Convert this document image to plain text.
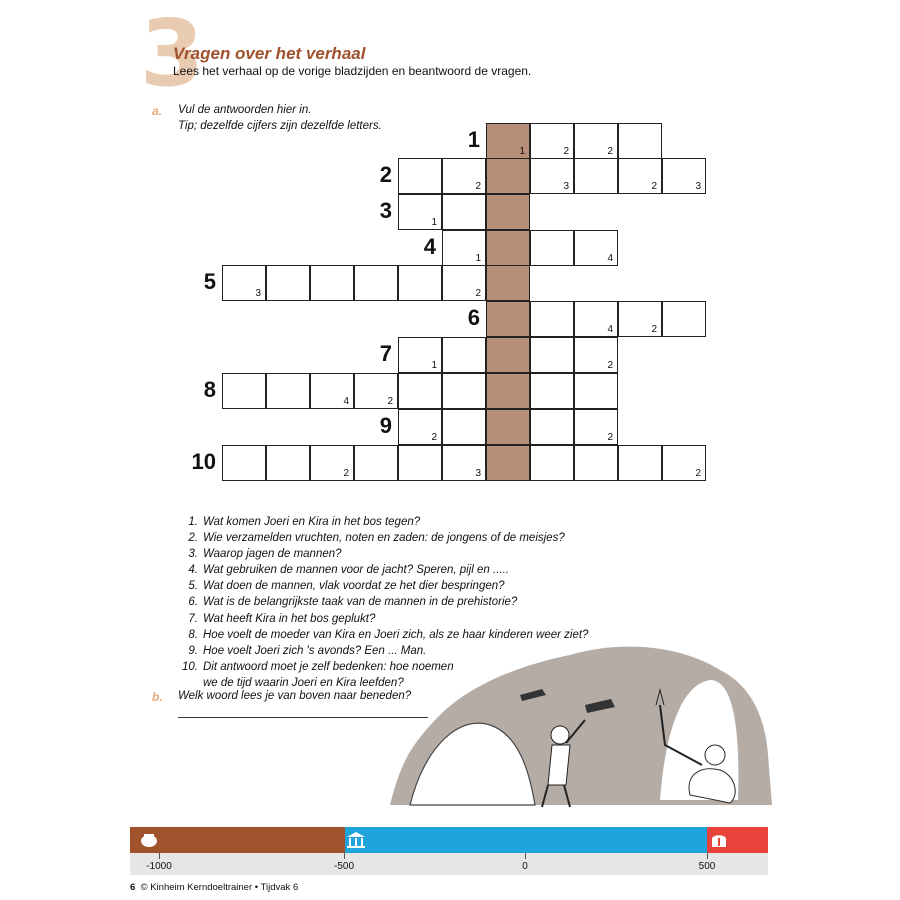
3
Vragen over het verhaal
Lees het verhaal op de vorige bladzijden en beantwoord de vragen.
a. Vul de antwoorden hier in.
Tip; dezelfde cijfers zijn dezelfde letters.
1	1	2	2
2	2	3	2	3
3	1
4	1	4
5	3	2
6	4	2
7	1	2
8	4	2
9	2	2
10	2	3	2
1. Wat komen Joeri en Kira in het bos tegen?
2. Wie verzamelden vruchten, noten en zaden: de jongens of de meisjes?
3. Waarop jagen de mannen?
4. Wat gebruiken de mannen voor de jacht? Speren, pijl en .....
5. Wat doen de mannen, vlak voordat ze het dier bespringen?
6. Wat is de belangrijkste taak van de mannen in de prehistorie?
7. Wat heeft Kira in het bos geplukt?
8. Hoe voelt de moeder van Kira en Joeri zich, als ze haar kinderen weer ziet?
9. Hoe voelt Joeri zich 's avonds? Een ... Man.
10. Dit antwoord moet je zelf bedenken: hoe noemen
we de tijd waarin Joeri en Kira leefden?
b. Welk woord lees je van boven naar beneden?
-1000	-500	0	500
6 © Kinheim Kerndoeltrainer • Tijdvak 6
